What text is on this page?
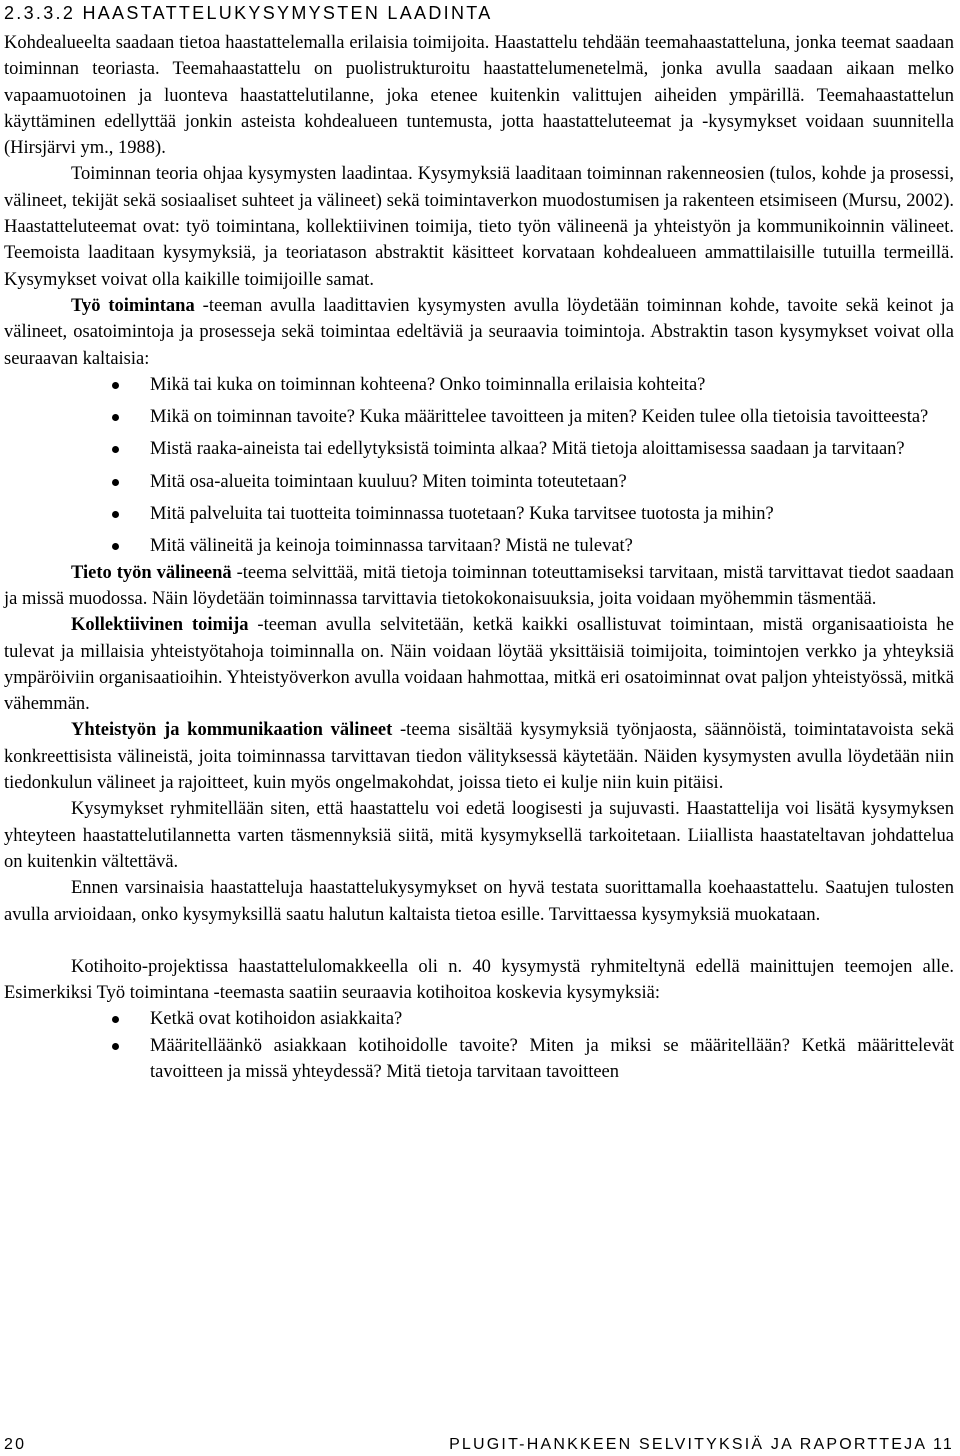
2.3.3.2 HAASTATTELUKYSYMYSTEN LAADINTA

Kohdealueelta saadaan tietoa haastattelemalla erilaisia toimijoita. Haastattelu tehdään teemahaastatteluna, jonka teemat saadaan toiminnan teoriasta. Teemahaastattelu on puolistrukturoitu haastattelumenetelmä, jonka avulla saadaan aikaan melko vapaamuotoinen ja luonteva haastattelutilanne, joka etenee kuitenkin valittujen aiheiden ympärillä. Teemahaastattelun käyttäminen edellyttää jonkin asteista kohdealueen tuntemusta, jotta haastatteluteemat ja -kysymykset voidaan suunnitella (Hirsjärvi ym., 1988).

Toiminnan teoria ohjaa kysymysten laadintaa. Kysymyksiä laaditaan toiminnan rakenneosien (tulos, kohde ja prosessi, välineet, tekijät sekä sosiaaliset suhteet ja välineet) sekä toimintaverkon muodostumisen ja rakenteen etsimiseen (Mursu, 2002). Haastatteluteemat ovat: työ toimintana, kollektiivinen toimija, tieto työn välineenä ja yhteistyön ja kommunikoinnin välineet. Teemoista laaditaan kysymyksiä, ja teoriatason abstraktit käsitteet korvataan kohdealueen ammattilaisille tutuilla termeillä. Kysymykset voivat olla kaikille toimijoille samat.

Työ toimintana -teeman avulla laadittavien kysymysten avulla löydetään toiminnan kohde, tavoite sekä keinot ja välineet, osatoimintoja ja prosesseja sekä toimintaa edeltäviä ja seuraavia toimintoja. Abstraktin tason kysymykset voivat olla seuraavan kaltaisia:

Mikä tai kuka on toiminnan kohteena? Onko toiminnalla erilaisia kohteita?
Mikä on toiminnan tavoite? Kuka määrittelee tavoitteen ja miten? Keiden tulee olla tietoisia tavoitteesta?
Mistä raaka-aineista tai edellytyksistä toiminta alkaa? Mitä tietoja aloittamisessa saadaan ja tarvitaan?
Mitä osa-alueita toimintaan kuuluu? Miten toiminta toteutetaan?
Mitä palveluita tai tuotteita toiminnassa tuotetaan? Kuka tarvitsee tuotosta ja mihin?
Mitä välineitä ja keinoja toiminnassa tarvitaan? Mistä ne tulevat?

Tieto työn välineenä -teema selvittää, mitä tietoja toiminnan toteuttamiseksi tarvitaan, mistä tarvittavat tiedot saadaan ja missä muodossa. Näin löydetään toiminnassa tarvittavia tietokokonaisuuksia, joita voidaan myöhemmin täsmentää.

Kollektiivinen toimija -teeman avulla selvitetään, ketkä kaikki osallistuvat toimintaan, mistä organisaatioista he tulevat ja millaisia yhteistyötahoja toiminnalla on. Näin voidaan löytää yksittäisiä toimijoita, toimintojen verkko ja yhteyksiä ympäröiviin organisaatioihin. Yhteistyöverkon avulla voidaan hahmottaa, mitkä eri osatoiminnat ovat paljon yhteistyössä, mitkä vähemmän.

Yhteistyön ja kommunikaation välineet -teema sisältää kysymyksiä työnjaosta, säännöistä, toimintatavoista sekä konkreettisista välineistä, joita toiminnassa tarvittavan tiedon välityksessä käytetään. Näiden kysymysten avulla löydetään niin tiedonkulun välineet ja rajoitteet, kuin myös ongelmakohdat, joissa tieto ei kulje niin kuin pitäisi.

Kysymykset ryhmitellään siten, että haastattelu voi edetä loogisesti ja sujuvasti. Haastattelija voi lisätä kysymyksen yhteyteen haastattelutilannetta varten täsmennyksiä siitä, mitä kysymyksellä tarkoitetaan. Liiallista haastateltavan johdattelua on kuitenkin vältettävä.

Ennen varsinaisia haastatteluja haastattelukysymykset on hyvä testata suorittamalla koehaastattelu. Saatujen tulosten avulla arvioidaan, onko kysymyksillä saatu halutun kaltaista tietoa esille. Tarvittaessa kysymyksiä muokataan.

Kotihoito-projektissa haastattelulomakkeella oli n. 40 kysymystä ryhmiteltynä edellä mainittujen teemojen alle. Esimerkiksi Työ toimintana -teemasta saatiin seuraavia kotihoitoa koskevia kysymyksiä:

Ketkä ovat kotihoidon asiakkaita?
Määritelläänkö asiakkaan kotihoidolle tavoite? Miten ja miksi se määritellään? Ketkä määrittelevät tavoitteen ja missä yhteydessä? Mitä tietoja tarvitaan tavoitteen
20	PLUGIT-HANKKEEN SELVITYKSIÄ JA RAPORTTEJA 11
